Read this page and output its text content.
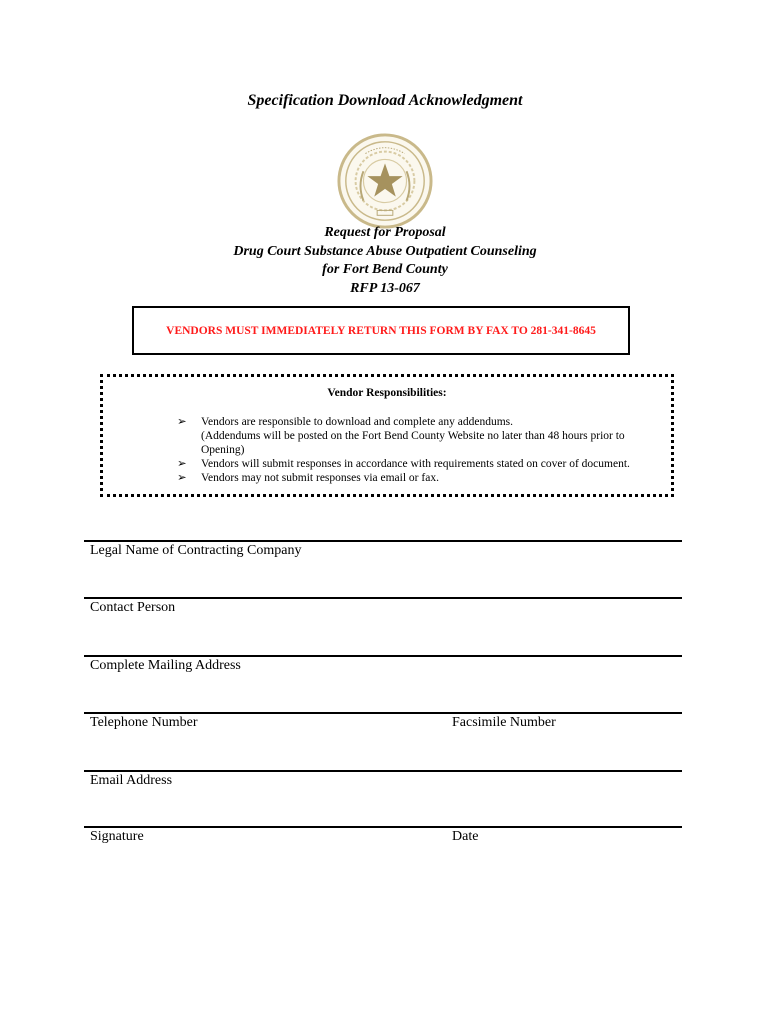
Specification Download Acknowledgment
Request for Proposal
Drug Court Substance Abuse Outpatient Counseling
for Fort Bend County
RFP 13-067
VENDORS MUST IMMEDIATELY RETURN THIS FORM BY FAX TO 281-341-8645
Vendor Responsibilities:
➢ Vendors are responsible to download and complete any addendums.
(Addendums will be posted on the Fort Bend County Website no later than 48 hours prior to
Opening)
➢ Vendors will submit responses in accordance with requirements stated on cover of document.
➢ Vendors may not submit responses via email or fax.
Legal Name of Contracting Company
Contact Person
Complete Mailing Address
Telephone Number	Facsimile Number
Email Address
Signature	Date
